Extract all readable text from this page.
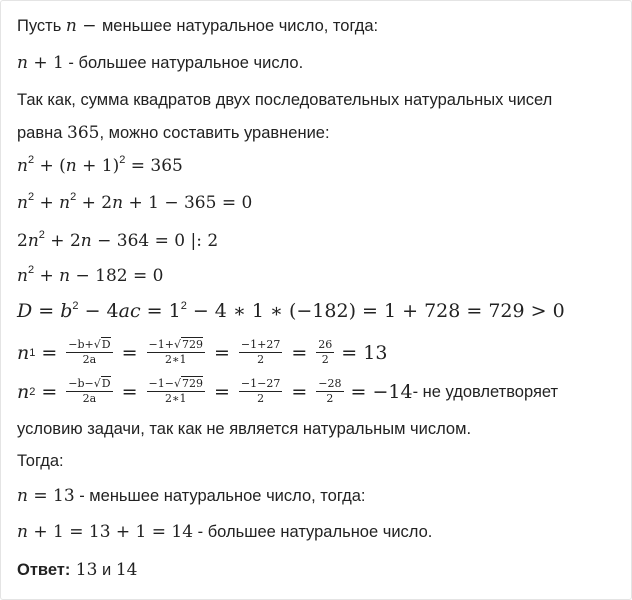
Пусть n − меньшее натуральное число, тогда:
n + 1 - большее натуральное число.
Так как, сумма квадратов двух последовательных натуральных чисел
равна 365, можно составить уравнение:
$n^2 + (n + 1)^2 = 365$
$n^2 + n^2 + 2n + 1 - 365 = 0$
$2n^2 + 2n - 364 = 0$ |: 2
$n^2 + n - 182 = 0$
$D = b^2 - 4ac = 1^2 - 4$ ∗ 1 ∗ (−182) = 1 + 728 = 729 > 0
n $1 = \frac{-b+√D}{2a} = \frac{-1+√729}{2∗1} = \frac{-1+27}{2} = \frac{26}{2} = 13$
n $2 = \frac{-b-√D}{2a} = \frac{-1-√729}{2∗1} = \frac{-1-27}{2} = \frac{-28}{2} = -14$ - не удовлетворяет
условию задачи, так как не является натуральным числом.
Тогда:
n = 13 - меньшее натуральное число, тогда:
n + 1 = 13 + 1 = 14 - большее натуральное число.
Ответ: 13 и 14
